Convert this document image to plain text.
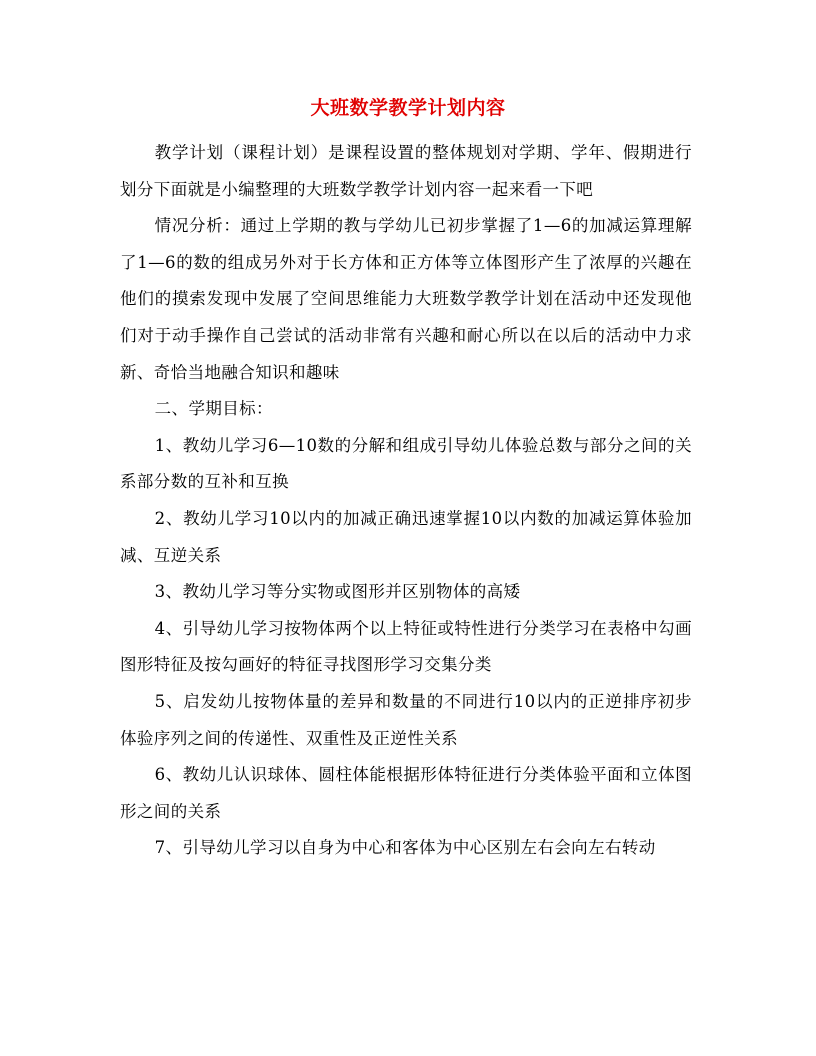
大班数学教学计划内容

教学计划（课程计划）是课程设置的整体规划对学期、学年、假期进行划分下面就是小编整理的大班数学教学计划内容一起来看一下吧

情况分析：通过上学期的教与学幼儿已初步掌握了1—6的加减运算理解了1—6的数的组成另外对于长方体和正方体等立体图形产生了浓厚的兴趣在他们的摸索发现中发展了空间思维能力大班数学教学计划在活动中还发现他们对于动手操作自己尝试的活动非常有兴趣和耐心所以在以后的活动中力求新、奇恰当地融合知识和趣味

二、学期目标：

1、教幼儿学习6—10数的分解和组成引导幼儿体验总数与部分之间的关系部分数的互补和互换

2、教幼儿学习10以内的加减正确迅速掌握10以内数的加减运算体验加减、互逆关系

3、教幼儿学习等分实物或图形并区别物体的高矮

4、引导幼儿学习按物体两个以上特征或特性进行分类学习在表格中勾画图形特征及按勾画好的特征寻找图形学习交集分类

5、启发幼儿按物体量的差异和数量的不同进行10以内的正逆排序初步体验序列之间的传递性、双重性及正逆性关系

6、教幼儿认识球体、圆柱体能根据形体特征进行分类体验平面和立体图形之间的关系

7、引导幼儿学习以自身为中心和客体为中心区别左右会向左右转动
